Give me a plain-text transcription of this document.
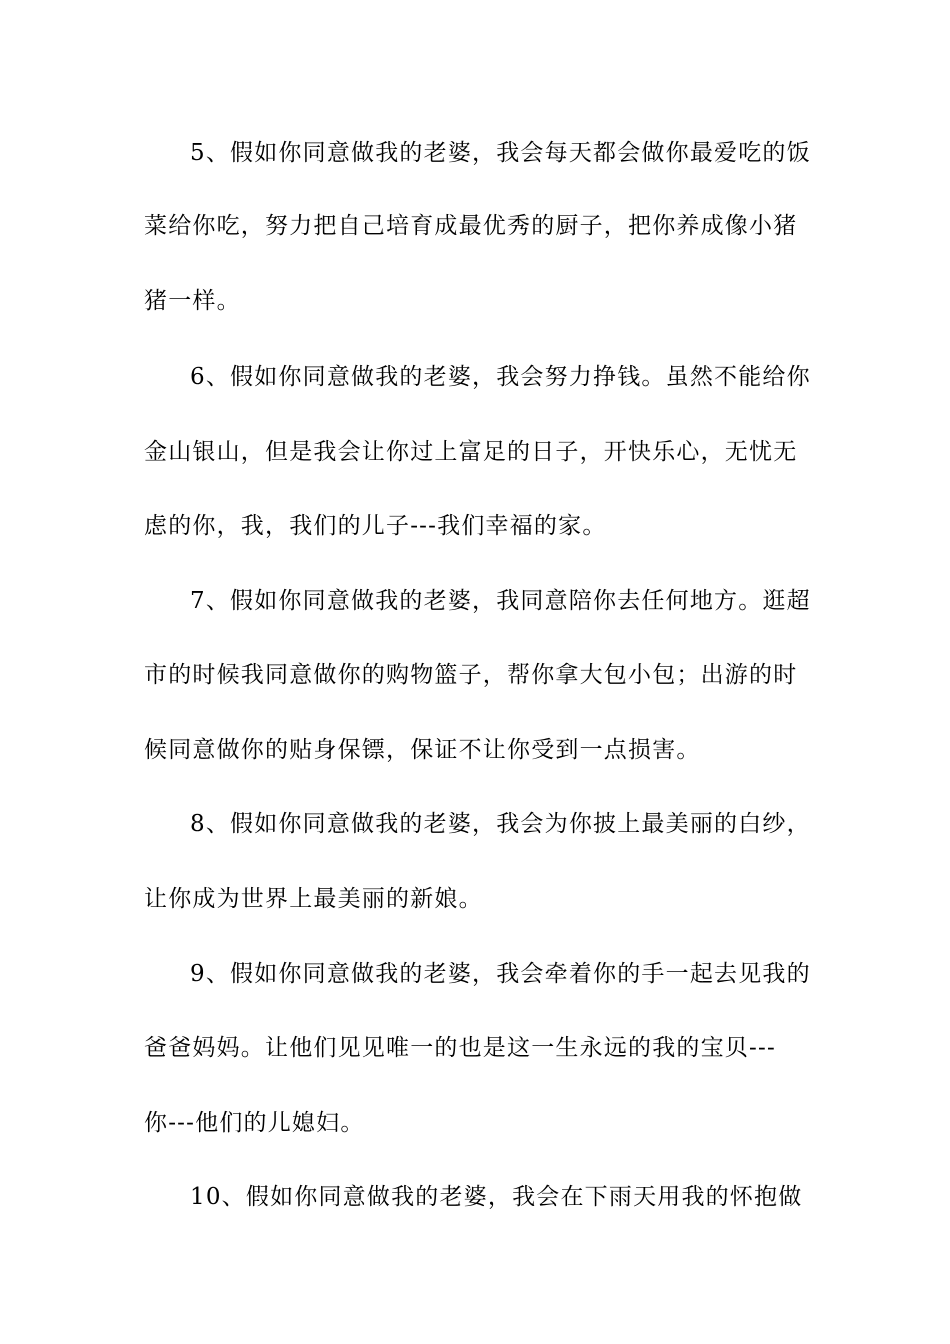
5、假如你同意做我的老婆，我会每天都会做你最爱吃的饭
菜给你吃，努力把自己培育成最优秀的厨子，把你养成像小猪
猪一样。
6、假如你同意做我的老婆，我会努力挣钱。虽然不能给你
金山银山，但是我会让你过上富足的日子，开快乐心，无忧无
虑的你，我，我们的儿子---我们幸福的家。
7、假如你同意做我的老婆，我同意陪你去任何地方。逛超
市的时候我同意做你的购物篮子，帮你拿大包小包；出游的时
候同意做你的贴身保镖，保证不让你受到一点损害。
8、假如你同意做我的老婆，我会为你披上最美丽的白纱，
让你成为世界上最美丽的新娘。
9、假如你同意做我的老婆，我会牵着你的手一起去见我的
爸爸妈妈。让他们见见唯一的也是这一生永远的我的宝贝---
你---他们的儿媳妇。
10、假如你同意做我的老婆，我会在下雨天用我的怀抱做
